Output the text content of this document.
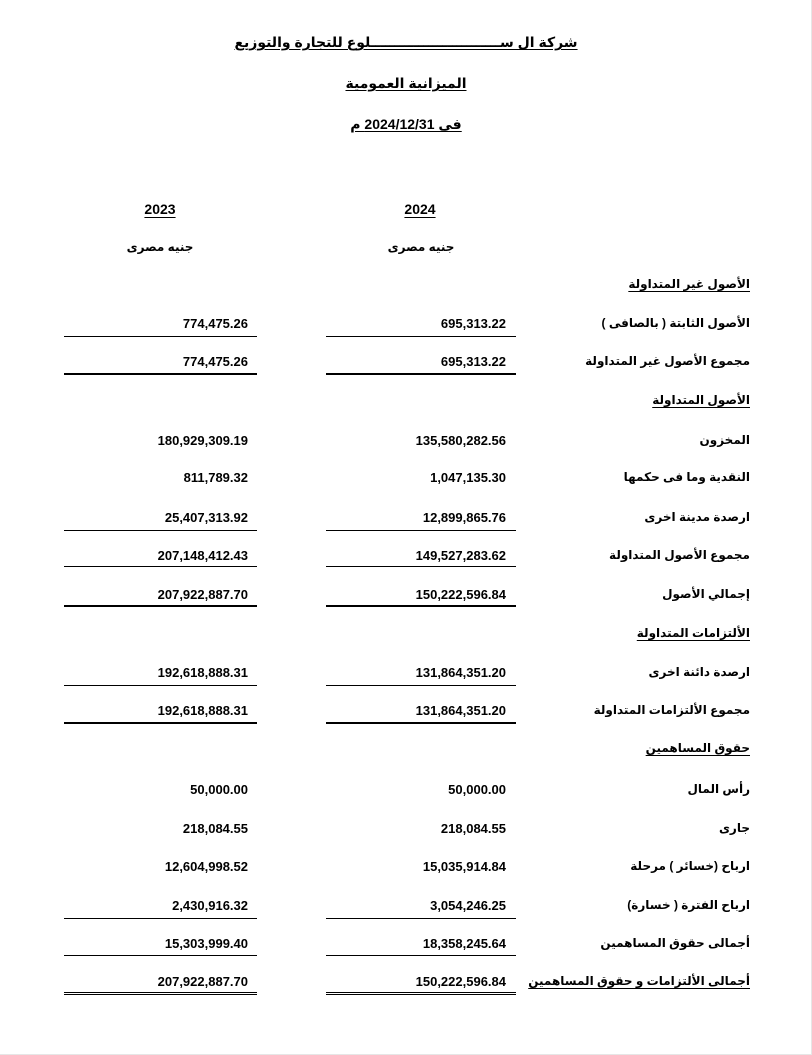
شركة ال ســـــــــــــــــــــــــــلوع للتجارة والتوزيع
الميزانية العمومية
فى 2024/12/31 م
2024
2023
جنيه مصرى
جنيه مصرى
الأصول غير المتداولة
الأصول الثابتة ( بالصافى )
695,313.22
774,475.26
مجموع الأصول غير المتداولة
695,313.22
774,475.26
الأصول المتداولة
المخزون
135,580,282.56
180,929,309.19
النقدية وما فى حكمها
1,047,135.30
811,789.32
ارصدة مدينة اخرى
12,899,865.76
25,407,313.92
مجموع الأصول المتداولة
149,527,283.62
207,148,412.43
إجمالي الأصول
150,222,596.84
207,922,887.70
الألتزامات المتداولة
ارصدة دائنة اخرى
131,864,351.20
192,618,888.31
مجموع الألتزامات المتداولة
131,864,351.20
192,618,888.31
حقوق المساهمين
رأس المال
50,000.00
50,000.00
جارى
218,084.55
218,084.55
ارباح (خسائر ) مرحلة
15,035,914.84
12,604,998.52
ارباح الفترة ( خسارة)
3,054,246.25
2,430,916.32
أجمالى حقوق المساهمين
18,358,245.64
15,303,999.40
أجمالى الألتزامات و حقوق المساهمين
150,222,596.84
207,922,887.70
